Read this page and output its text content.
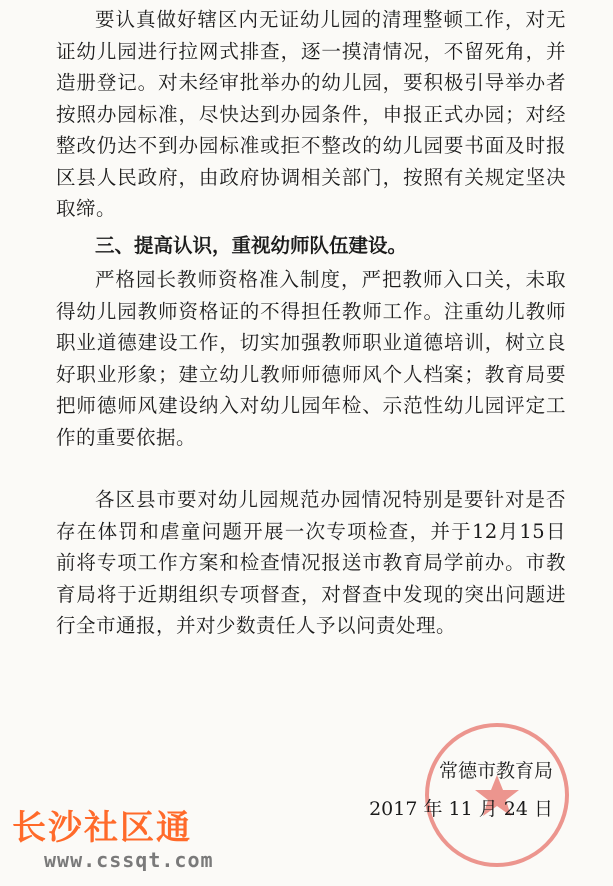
要认真做好辖区内无证幼儿园的清理整顿工作，对无证幼儿园进行拉网式排查，逐一摸清情况，不留死角，并造册登记。对未经审批举办的幼儿园，要积极引导举办者按照办园标准，尽快达到办园条件，申报正式办园；对经整改仍达不到办园标准或拒不整改的幼儿园要书面及时报区县人民政府，由政府协调相关部门，按照有关规定坚决取缔。

三、提高认识，重视幼师队伍建设。

严格园长教师资格准入制度，严把教师入口关，未取得幼儿园教师资格证的不得担任教师工作。注重幼儿教师职业道德建设工作，切实加强教师职业道德培训，树立良好职业形象；建立幼儿教师师德师风个人档案；教育局要把师德师风建设纳入对幼儿园年检、示范性幼儿园评定工作的重要依据。

各区县市要对幼儿园规范办园情况特别是要针对是否存在体罚和虐童问题开展一次专项检查，并于12月15日前将专项工作方案和检查情况报送市教育局学前办。市教育局将于近期组织专项督查，对督查中发现的突出问题进行全市通报，并对少数责任人予以问责处理。

常德市教育局

2017 年 11 月 24 日

长沙社区通
www.cssqt.com
